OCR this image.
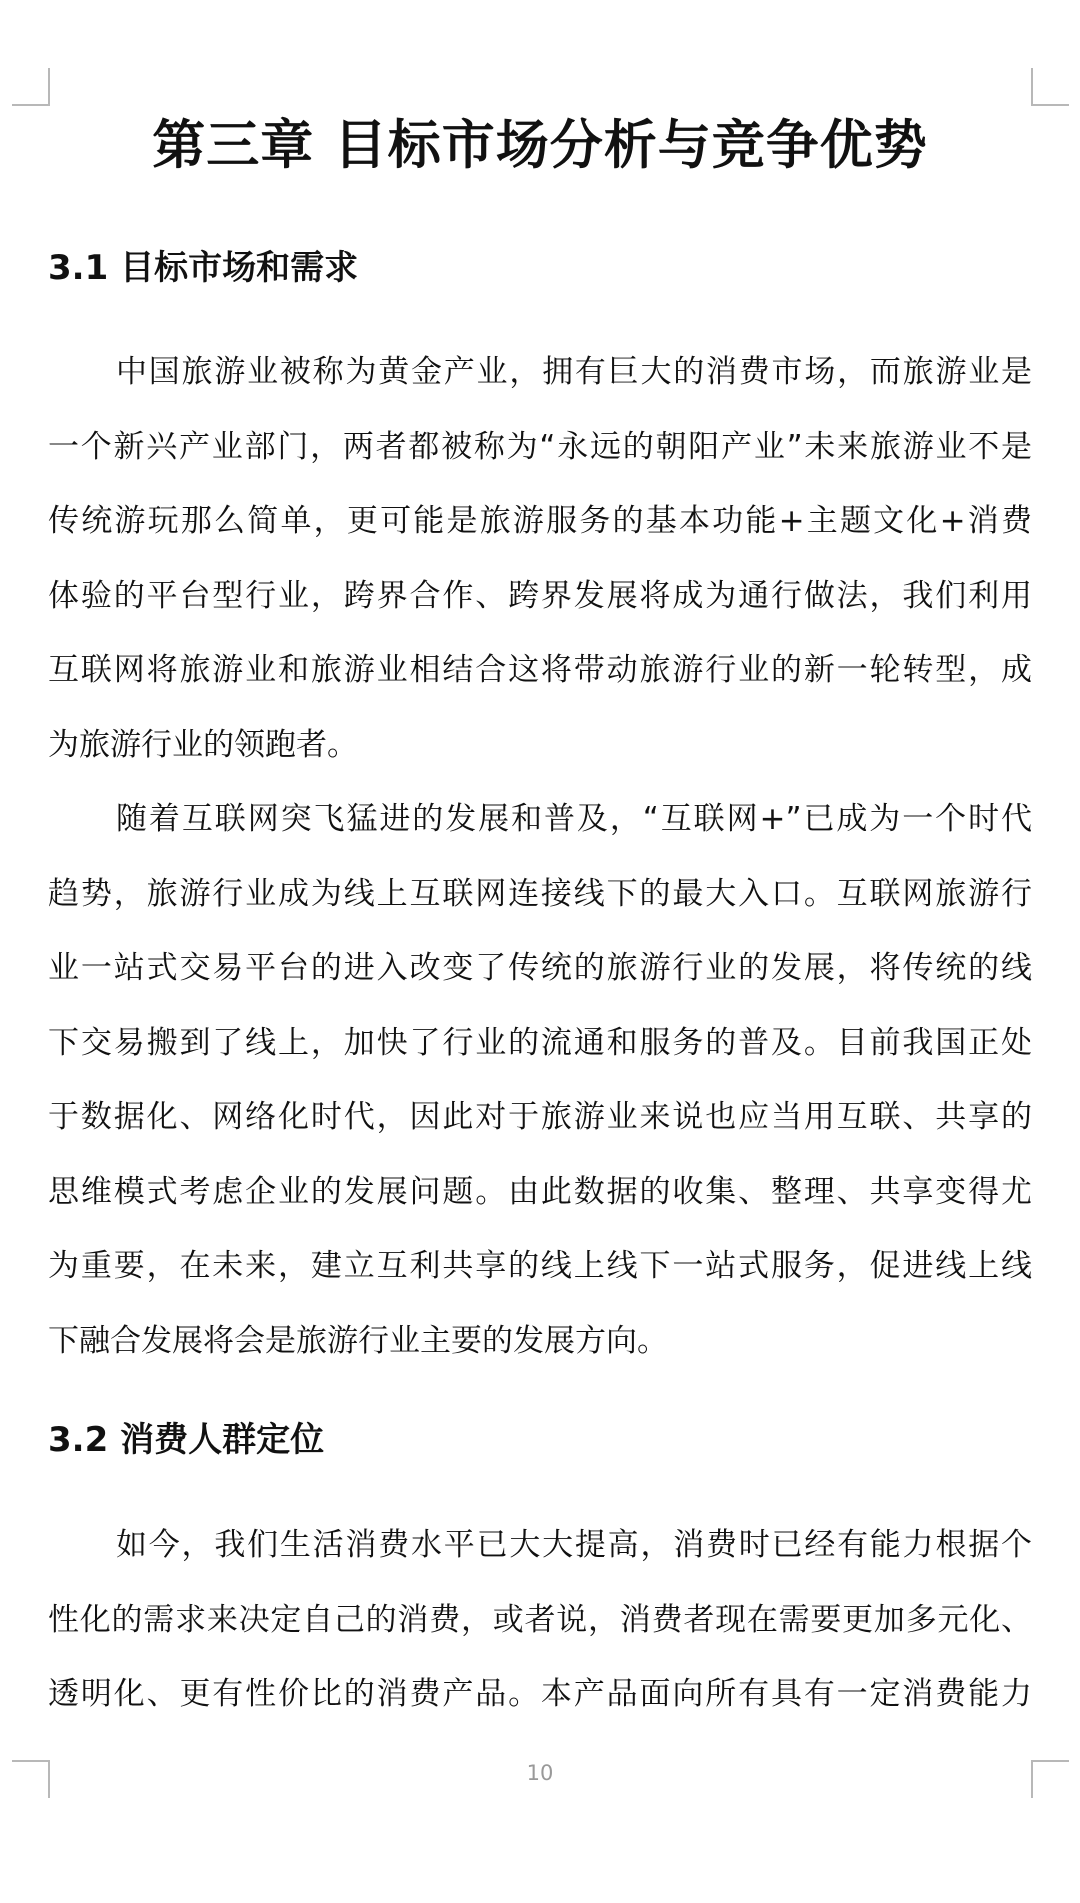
第三章 目标市场分析与竞争优势
3.1 目标市场和需求

中国旅游业被称为黄金产业，拥有巨大的消费市场，而旅游业是
一个新兴产业部门，两者都被称为“永远的朝阳产业”未来旅游业不是
传统游玩那么简单，更可能是旅游服务的基本功能+主题文化+消费
体验的平台型行业，跨界合作、跨界发展将成为通行做法，我们利用
互联网将旅游业和旅游业相结合这将带动旅游行业的新一轮转型，成
为旅游行业的领跑者。

随着互联网突飞猛进的发展和普及，“互联网+”已成为一个时代
趋势，旅游行业成为线上互联网连接线下的最大入口。互联网旅游行
业一站式交易平台的进入改变了传统的旅游行业的发展，将传统的线
下交易搬到了线上，加快了行业的流通和服务的普及。目前我国正处
于数据化、网络化时代，因此对于旅游业来说也应当用互联、共享的
思维模式考虑企业的发展问题。由此数据的收集、整理、共享变得尤
为重要，在未来，建立互利共享的线上线下一站式服务，促进线上线
下融合发展将会是旅游行业主要的发展方向。

3.2 消费人群定位

如今，我们生活消费水平已大大提高，消费时已经有能力根据个
性化的需求来决定自己的消费，或者说，消费者现在需要更加多元化、
透明化、更有性价比的消费产品。本产品面向所有具有一定消费能力

10
